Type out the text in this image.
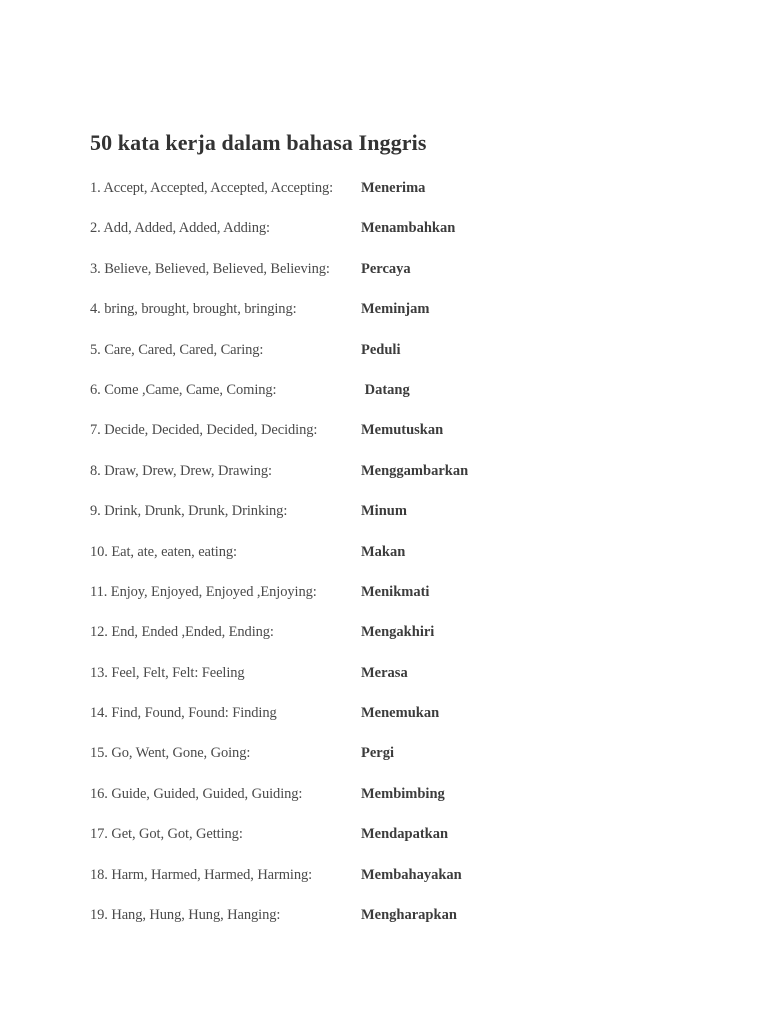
50 kata kerja dalam bahasa Inggris
1. Accept, Accepted, Accepted, Accepting: Menerima
2. Add, Added, Added, Adding:	Menambahkan
3. Believe, Believed, Believed, Believing: Percaya
4. bring, brought, brought, bringing:	Meminjam
5. Care, Cared, Cared, Caring:	Peduli
6. Come ,Came, Came, Coming:	Datang
7. Decide, Decided, Decided, Deciding:	Memutuskan
8. Draw, Drew, Drew, Drawing:	Menggambarkan
9. Drink, Drunk, Drunk, Drinking:	Minum
10. Eat, ate, eaten, eating:	Makan
11. Enjoy, Enjoyed, Enjoyed ,Enjoying:	Menikmati
12. End, Ended ,Ended, Ending:	Mengakhiri
13. Feel, Felt, Felt: Feeling	Merasa
14. Find, Found, Found: Finding	Menemukan
15. Go, Went, Gone, Going:	Pergi
16. Guide, Guided, Guided, Guiding:	Membimbing
17. Get, Got, Got, Getting:	Mendapatkan
18. Harm, Harmed, Harmed, Harming:	Membahayakan
19. Hang, Hung, Hung, Hanging:	Mengharapkan
